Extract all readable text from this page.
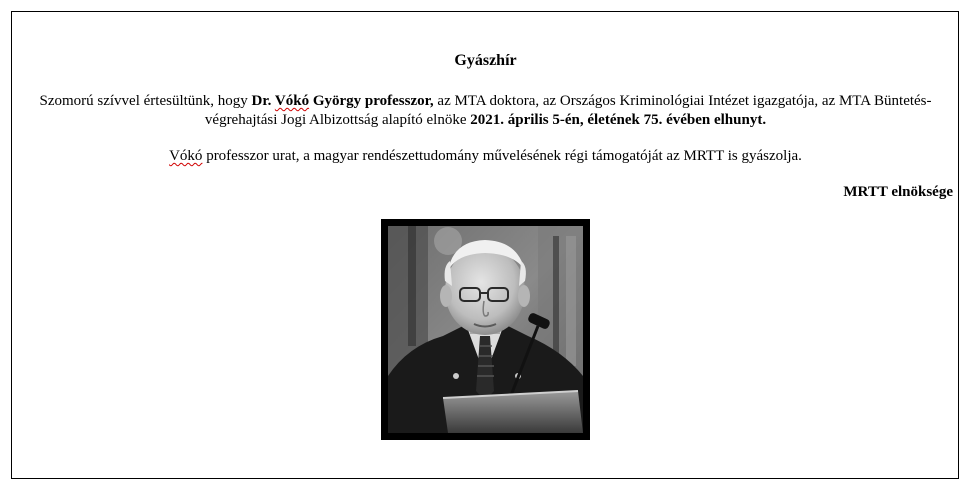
Gyászhír
Szomorú szívvel értesültünk, hogy Dr. Vókó György professzor, az MTA doktora, az Országos Kriminológiai Intézet igazgatója, az MTA Büntetés-végrehajtási Jogi Albizottság alapító elnöke 2021. április 5-én, életének 75. évében elhunyt.
Vókó professzor urat, a magyar rendészettudomány művelésének régi támogatóját az MRTT is gyászolja.
MRTT elnöksége
